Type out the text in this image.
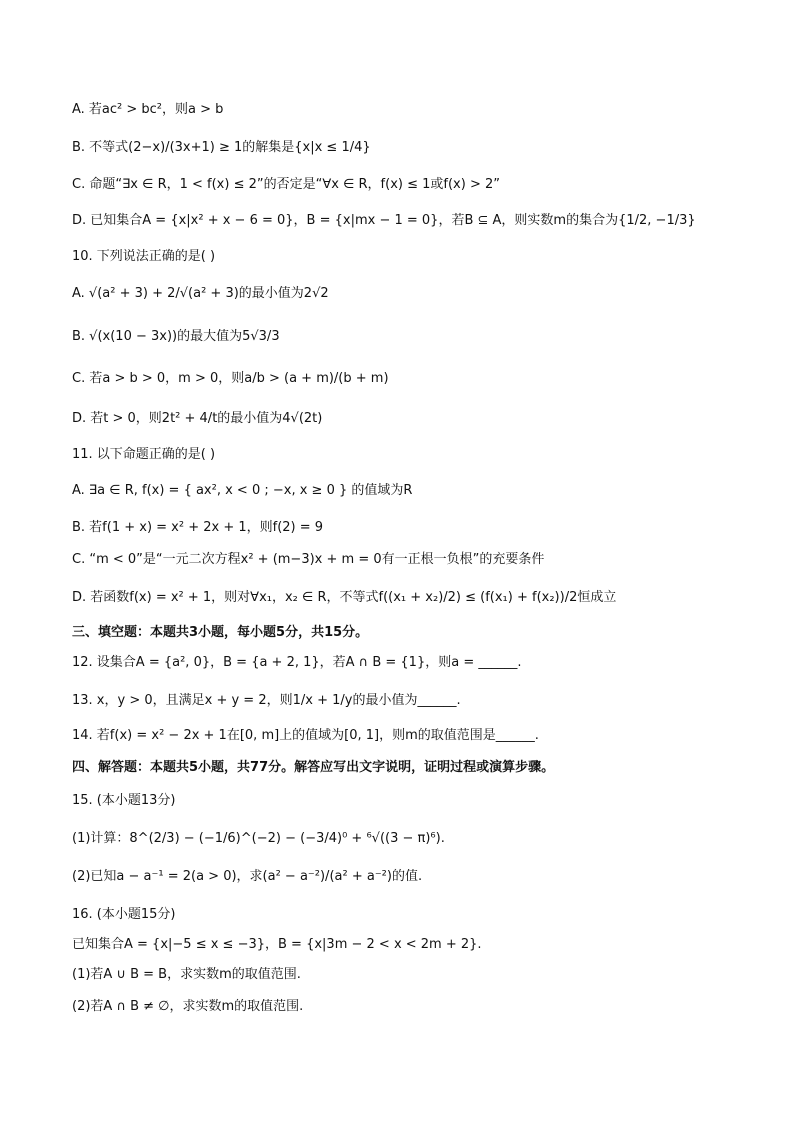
A. 若ac² > bc²，则a > b
B. 不等式(2−x)/(3x+1) ≥ 1的解集是{x|x ≤ 1/4}
C. 命题“∃x ∈ R，1 < f(x) ≤ 2”的否定是“∀x ∈ R，f(x) ≤ 1或f(x) > 2”
D. 已知集合A = {x|x² + x − 6 = 0}，B = {x|mx − 1 = 0}，若B ⊆ A，则实数m的集合为{1/2, −1/3}
10. 下列说法正确的是( )
A. √(a² + 3) + 2/√(a² + 3)的最小值为2√2
B. √(x(10 − 3x))的最大值为5√3/3
C. 若a > b > 0，m > 0，则a/b > (a + m)/(b + m)
D. 若t > 0，则2t² + 4/t的最小值为4√(2t)
11. 以下命题正确的是( )
A. ∃a ∈ R, f(x) = { ax², x < 0 ; −x, x ≥ 0 } 的值域为R
B. 若f(1 + x) = x² + 2x + 1，则f(2) = 9
C. “m < 0”是“一元二次方程x² + (m−3)x + m = 0有一正根一负根”的充要条件
D. 若函数f(x) = x² + 1，则对∀x₁，x₂ ∈ R，不等式f((x₁ + x₂)/2) ≤ (f(x₁) + f(x₂))/2恒成立
三、填空题：本题共3小题，每小题5分，共15分。
12. 设集合A = {a², 0}，B = {a + 2, 1}，若A ∩ B = {1}，则a = ______.
13. x，y > 0，且满足x + y = 2，则1/x + 1/y的最小值为______.
14. 若f(x) = x² − 2x + 1在[0, m]上的值域为[0, 1]，则m的取值范围是______.
四、解答题：本题共5小题，共77分。解答应写出文字说明，证明过程或演算步骤。
15. (本小题13分)
(1)计算：8^(2/3) − (−1/6)^(−2) − (−3/4)⁰ + ⁶√((3 − π)⁶).
(2)已知a − a⁻¹ = 2(a > 0)，求(a² − a⁻²)/(a² + a⁻²)的值.
16. (本小题15分)
已知集合A = {x|−5 ≤ x ≤ −3}，B = {x|3m − 2 < x < 2m + 2}.
(1)若A ∪ B = B，求实数m的取值范围.
(2)若A ∩ B ≠ ∅，求实数m的取值范围.
